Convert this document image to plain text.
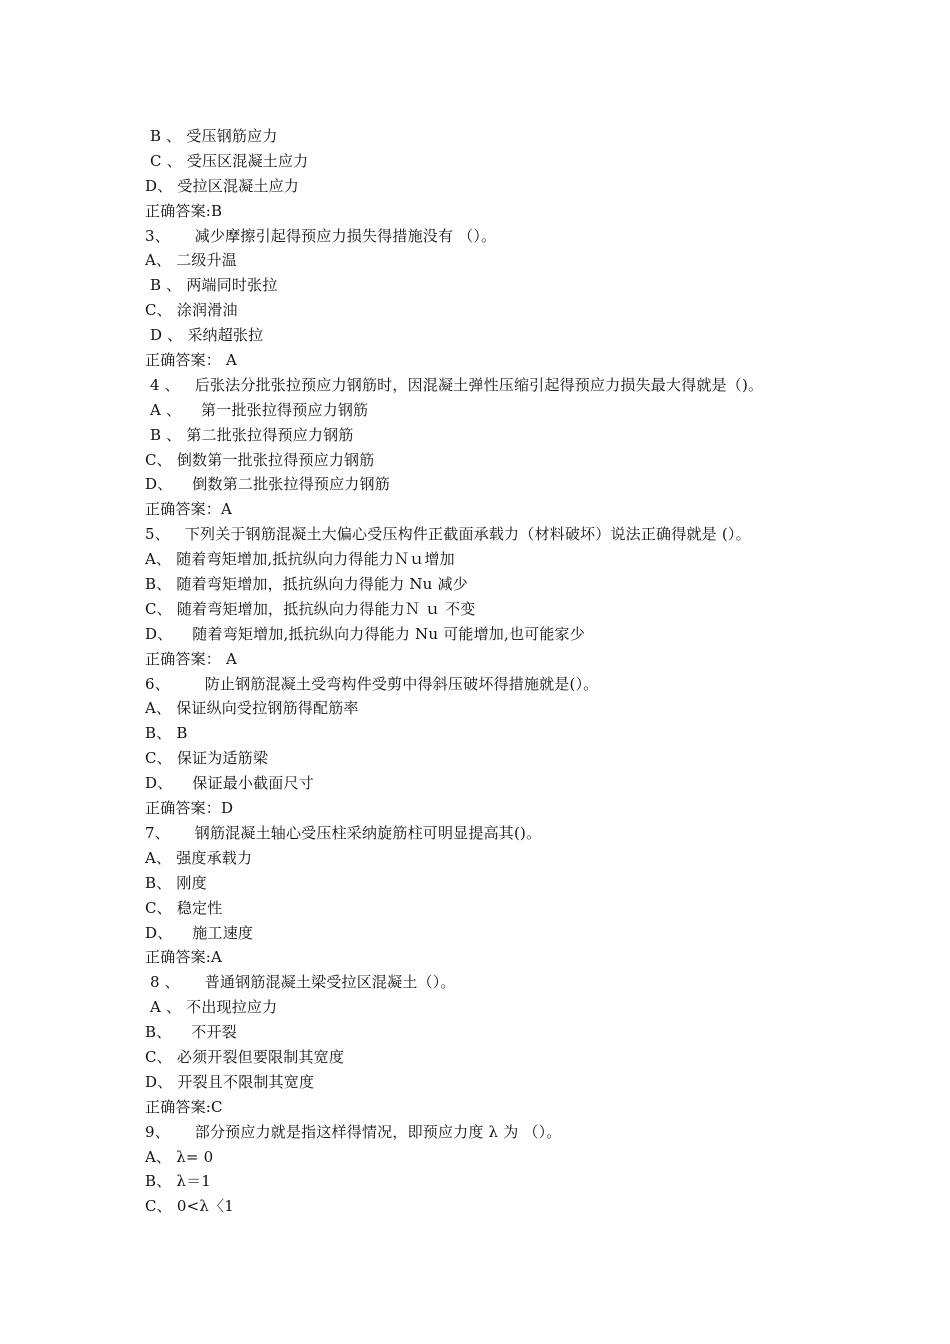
B 、 受压钢筋应力
C 、 受压区混凝土应力
D、 受拉区混凝土应力
正确答案:B
3、     减少摩擦引起得预应力损失得措施没有 （）。
A、 二级升温
B 、 两端同时张拉
C、 涂润滑油
D 、 采纳超张拉
正确答案： A
4 、   后张法分批张拉预应力钢筋时，因混凝土弹性压缩引起得预应力损失最大得就是（)。
A 、    第一批张拉得预应力钢筋
B 、 第二批张拉得预应力钢筋
C、 倒数第一批张拉得预应力钢筋
D、    倒数第二批张拉得预应力钢筋
正确答案：A
5、   下列关于钢筋混凝土大偏心受压构件正截面承载力（材料破坏）说法正确得就是 (）。
A、 随着弯矩增加,抵抗纵向力得能力Ｎｕ增加
B、 随着弯矩增加，抵抗纵向力得能力 Nu 减少
C、 随着弯矩增加，抵抗纵向力得能力Ｎ ｕ 不变
D、    随着弯矩增加,抵抗纵向力得能力 Nu 可能增加,也可能家少
正确答案： A
6、       防止钢筋混凝土受弯构件受剪中得斜压破坏得措施就是(）。
A、 保证纵向受拉钢筋得配筋率
B、 B
C、 保证为适筋梁
D、    保证最小截面尺寸
正确答案：D
7、     钢筋混凝土轴心受压柱采纳旋筋柱可明显提高其()。
A、 强度承载力
B、 刚度
C、 稳定性
D、    施工速度
正确答案:A
8 、     普通钢筋混凝土梁受拉区混凝土（）。
A 、 不出现拉应力
B、    不开裂
C、 必须开裂但要限制其宽度
D、 开裂且不限制其宽度
正确答案:C
9、     部分预应力就是指这样得情况，即预应力度 λ 为 （）。
A、 λ= 0
B、 λ＝1
C、 0<λ〈1
